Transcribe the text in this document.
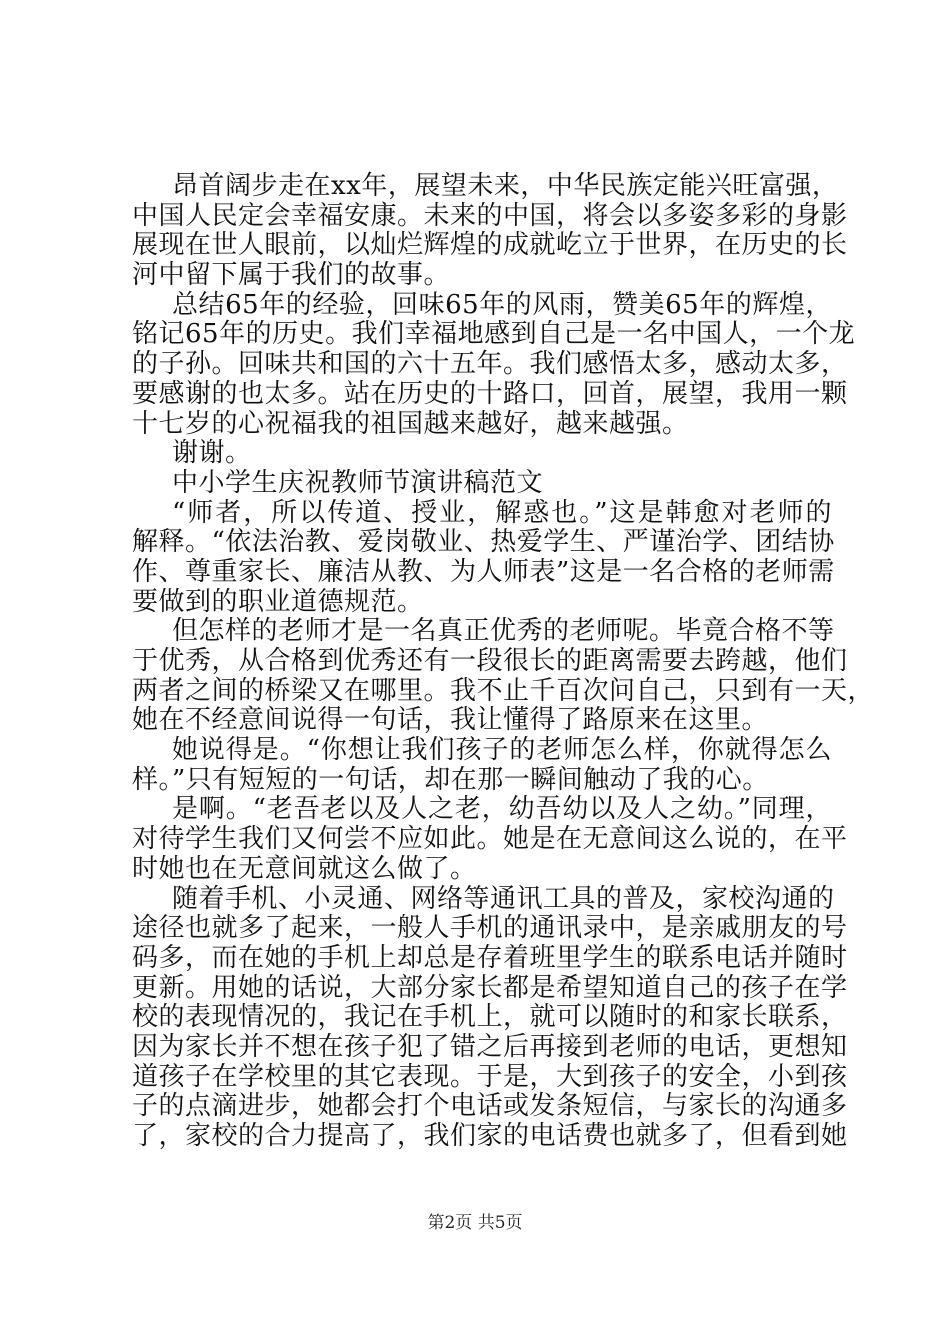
昂首阔步走在xx年，展望未来，中华民族定能兴旺富强，
中国人民定会幸福安康。未来的中国，将会以多姿多彩的身影
展现在世人眼前，以灿烂辉煌的成就屹立于世界，在历史的长
河中留下属于我们的故事。
总结65年的经验，回味65年的风雨，赞美65年的辉煌，
铭记65年的历史。我们幸福地感到自己是一名中国人，一个龙
的子孙。回味共和国的六十五年。我们感悟太多，感动太多，
要感谢的也太多。站在历史的十路口，回首，展望，我用一颗
十七岁的心祝福我的祖国越来越好，越来越强。
谢谢。
中小学生庆祝教师节演讲稿范文
“师者，所以传道、授业，解惑也。”这是韩愈对老师的
解释。“依法治教、爱岗敬业、热爱学生、严谨治学、团结协
作、尊重家长、廉洁从教、为人师表”这是一名合格的老师需
要做到的职业道德规范。
但怎样的老师才是一名真正优秀的老师呢。毕竟合格不等
于优秀，从合格到优秀还有一段很长的距离需要去跨越，他们
两者之间的桥梁又在哪里。我不止千百次问自己，只到有一天，
她在不经意间说得一句话，我让懂得了路原来在这里。
她说得是。“你想让我们孩子的老师怎么样，你就得怎么
样。”只有短短的一句话，却在那一瞬间触动了我的心。
是啊。“老吾老以及人之老，幼吾幼以及人之幼。”同理，
对待学生我们又何尝不应如此。她是在无意间这么说的，在平
时她也在无意间就这么做了。
随着手机、小灵通、网络等通讯工具的普及，家校沟通的
途径也就多了起来，一般人手机的通讯录中，是亲戚朋友的号
码多，而在她的手机上却总是存着班里学生的联系电话并随时
更新。用她的话说，大部分家长都是希望知道自己的孩子在学
校的表现情况的，我记在手机上，就可以随时的和家长联系，
因为家长并不想在孩子犯了错之后再接到老师的电话，更想知
道孩子在学校里的其它表现。于是，大到孩子的安全，小到孩
子的点滴进步，她都会打个电话或发条短信，与家长的沟通多
了，家校的合力提高了，我们家的电话费也就多了，但看到她
第2页 共5页
